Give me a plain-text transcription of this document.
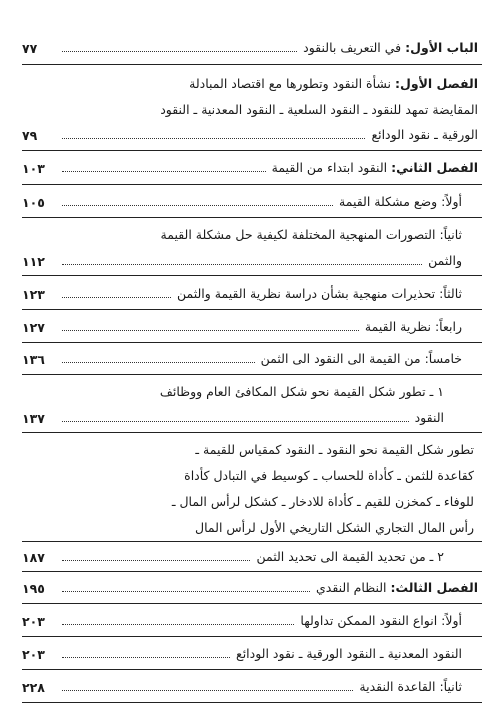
الباب الأول: في التعريف بالنقود
٧٧
الفصل الأول: نشأة النقود وتطورها مع اقتصاد المبادلة
المقايضة تمهد للنقود ـ النقود السلعية ـ النقود المعدنية ـ النقود
الورقية ـ نقود الودائع
٧٩
الفصل الثاني: النقود ابتداء من القيمة
١٠٣
أولاً: وضع مشكلة القيمة
١٠٥
ثانياً: التصورات المنهجية المختلفة لكيفية حل مشكلة القيمة
والثمن
١١٢
ثالثاً: تحذيرات منهجية بشأن دراسة نظرية القيمة والثمن
١٢٣
رابعاً: نظرية القيمة
١٢٧
خامساً: من القيمة الى النقود الى الثمن
١٣٦
١ ـ تطور شكل القيمة نحو شكل المكافئ العام ووظائف
النقود
١٣٧
تطور شكل القيمة نحو النقود ـ النقود كمقياس للقيمة ـ
كقاعدة للثمن ـ كأداة للحساب ـ كوسيط في التبادل كأداة
للوفاء ـ كمخزن للقيم ـ كأداة للادخار ـ كشكل لرأس المال ـ
رأس المال التجاري الشكل التاريخي الأول لرأس المال
٢ ـ من تحديد القيمة الى تحديد الثمن
١٨٧
الفصل الثالث: النظام النقدي
١٩٥
أولاً: انواع النقود الممكن تداولها
٢٠٣
النقود المعدنية ـ النقود الورقية ـ نقود الودائع
٢٠٣
ثانياً: القاعدة النقدية
٢٢٨
